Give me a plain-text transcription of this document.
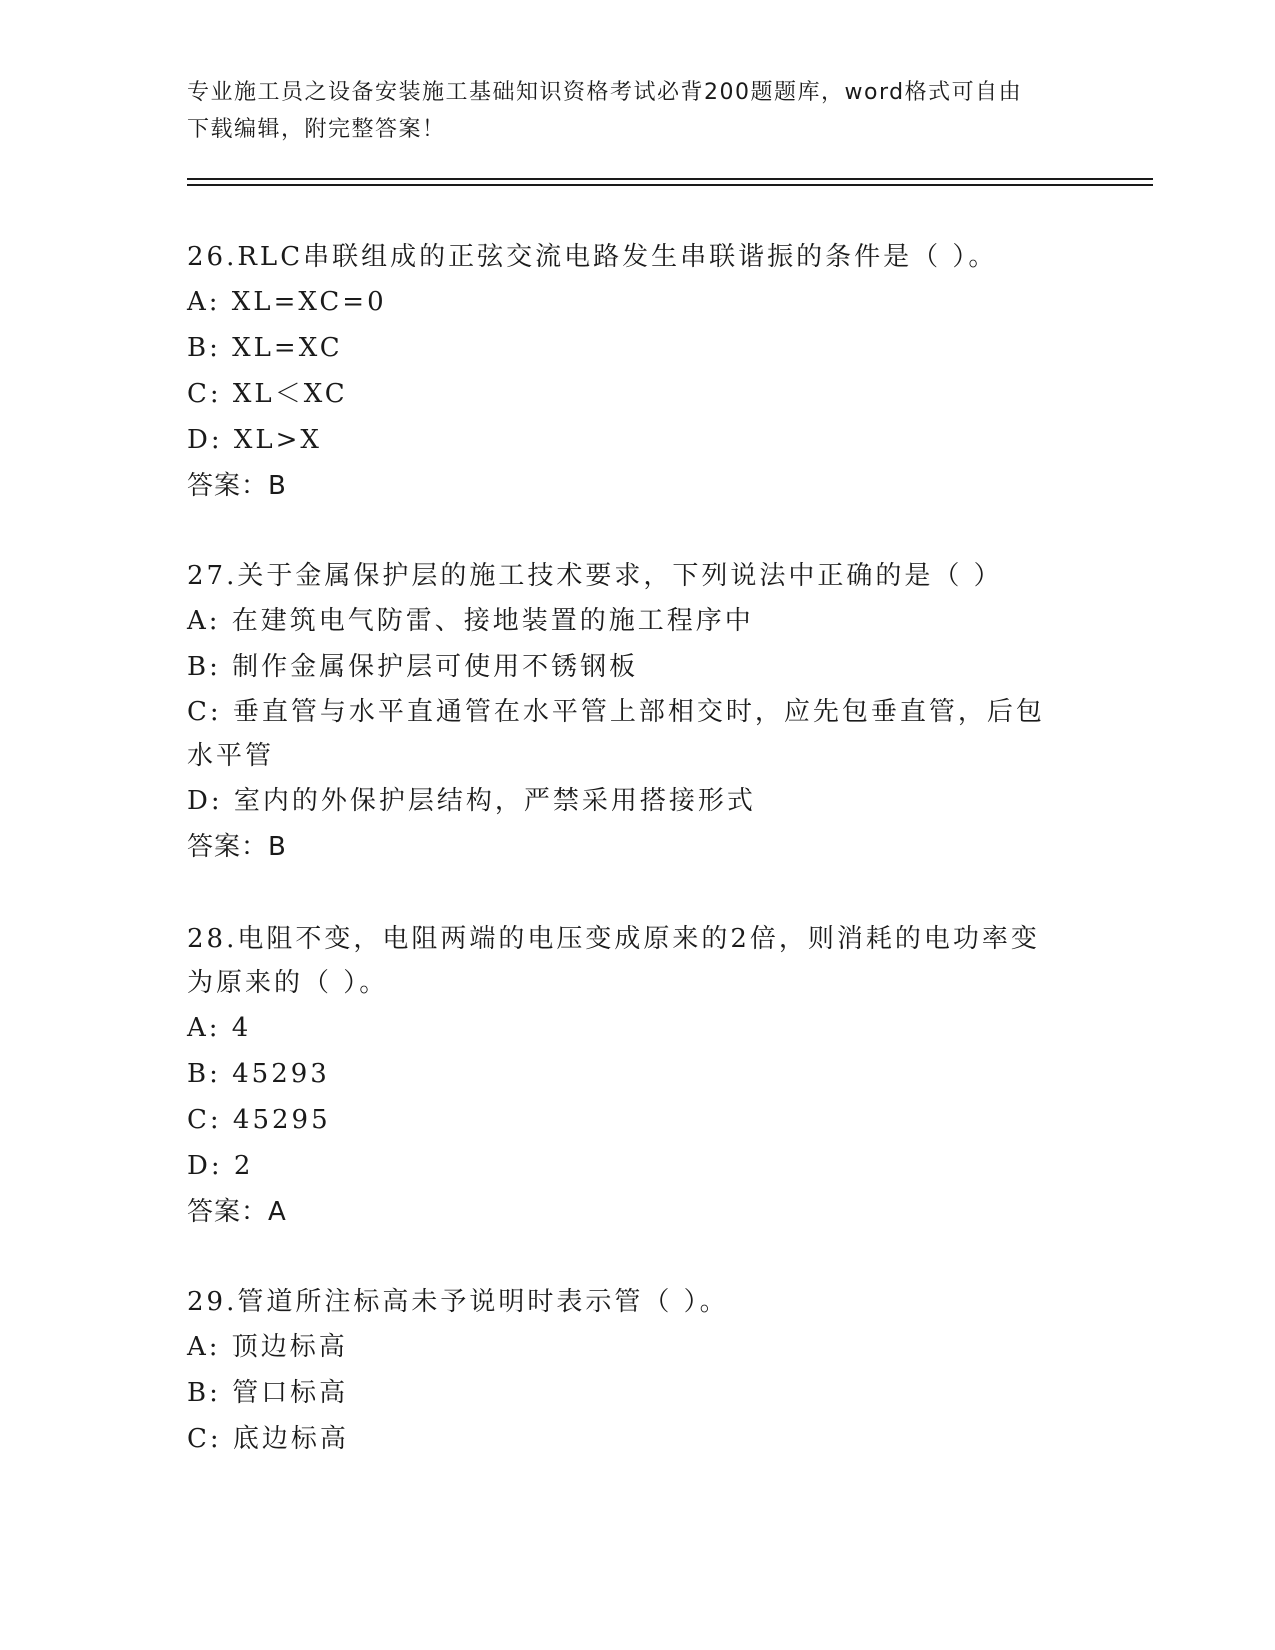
专业施工员之设备安装施工基础知识资格考试必背200题题库，word格式可自由
下载编辑，附完整答案！

26.RLC串联组成的正弦交流电路发生串联谐振的条件是（ ）。

A: XL=XC=0

B: XL=XC

C: XL＜XC

D: XL>X

答案：B

27.关于金属保护层的施工技术要求，下列说法中正确的是（ ）

A: 在建筑电气防雷、接地装置的施工程序中

B: 制作金属保护层可使用不锈钢板

C: 垂直管与水平直通管在水平管上部相交时，应先包垂直管，后包水平管

D: 室内的外保护层结构，严禁采用搭接形式

答案：B

28.电阻不变，电阻两端的电压变成原来的2倍，则消耗的电功率变为原来的（ ）。

A: 4

B: 45293

C: 45295

D: 2

答案：A

29.管道所注标高未予说明时表示管（ ）。

A: 顶边标高

B: 管口标高

C: 底边标高
